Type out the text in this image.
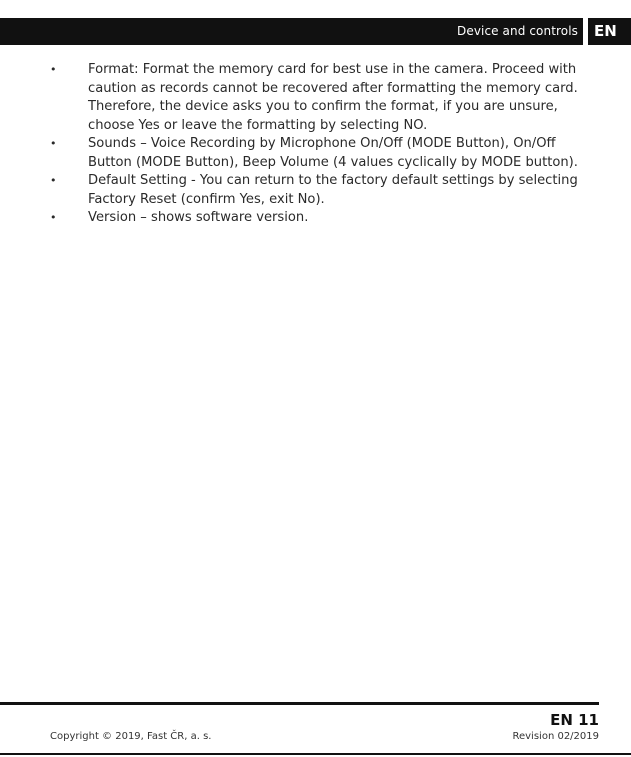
Device and controls	EN
• Format: Format the memory card for best use in the camera. Proceed with
caution as records cannot be recovered after formatting the memory card.
Therefore, the device asks you to confirm the format, if you are unsure,
choose Yes or leave the formatting by selecting NO.
• Sounds – Voice Recording by Microphone On/Off (MODE Button), On/Off
Button (MODE Button), Beep Volume (4 values cyclically by MODE button).
• Default Setting - You can return to the factory default settings by selecting
Factory Reset (confirm Yes, exit No).
• Version – shows software version.
EN 11
Copyright © 2019, Fast ČR, a. s.	Revision 02/2019
